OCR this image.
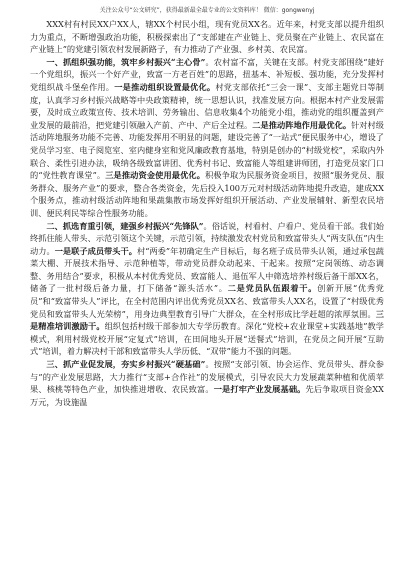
关注公众号“公文研究”，获得最新最全最专业的公文资料库！ 微信：gongwenyj

XXX村有村民XX户XX人，辖XX个村民小组，现有党员XX名。近年来，村党支部以提升组织力为重点，不断增强政治功能，积极探索出了“支部建在产业链上、党员聚在产业链上、农民富在产业链上”的党建引领农村发展新路子，有力推动了产业强、乡村美、农民富。

一、抓组织强功能，筑牢乡村振兴“主心骨”。农村富不富，关键在支部。村党支部围绕“建好一个党组织，振兴一个好产业，致富一方老百姓”的思路，扭基本、补短板、强功能，充分发挥村党组织战斗堡垒作用。一是推动组织设置最优化。村党支部依托“三会一课”、支部主题党日等制度，认真学习乡村振兴战略等中央政策精神，统一思想认识，找准发展方向。根据本村产业发展需要，及时成立政策宣传、技术培训、劳务输出、信息收集4个功能党小组，推动党的组织覆盖到产业发展的最前沿，把党建引领融入产前、产中、产后全过程。二是推动阵地作用最优化。针对村级活动阵地服务功能不完善、功能发挥用不明显的问题，建设完善了“一站式”便民服务中心，增设了党员学习室、电子阅览室、室内健身室和党风廉政教育基地，特别是创办的“村级党校”，采取内外联合、柔性引进办法，吸纳各级致富讲团、优秀村书记、致富能人等组建讲师团，打造党员家门口的“党性教育课堂”。三是推动资金使用最优化。积极争取为民服务资金项目，按照“服务党员、服务群众、服务产业”的要求，整合各类资金，先后投入100万元对村级活动阵地提升改造，建成XX个服务点，推动村级活动阵地和果蔬集散市场发挥好组织开展活动、产业发展辅射、新型农民培训、便民利民等综合性服务功能。

二、抓选育重引领，建强乡村振兴“先锋队”。俗话说，村看村、户看户、党员看干部。我们始终抓住能人带头、示范引领这个关键，示范引领，持续激发农村党员和致富带头人“两支队伍”内生动力。一是联子成员带头干。村“两委”年初确定生产目标后，每名班子成员带头认领，通过承包蔬菜大棚、开展技术指导、示范种植等，带动党员群众动起来、干起来。按照“定岗领练、动态调整、务用结合”要求，积极从本村优秀党员、致富能人、退伍军人中筛选培养村级后备干部XX名，储备了一批村级后备力量，打下储备“源头活水”。二是党员队伍跟着干。创新开展“优秀党员”和“致富带头人”评比，在全村范围内评出优秀党员XX名、致富带头人XX名，设置了“村级优秀党员和致富带头人光荣榜”，用身边典型教育引导广大群众，在全村形成比学赶超的浓厚氛围。三是精准培训激励干。组织包括村级干部参加大专学历教育。深化“党校+农业课堂+实践基地”教学模式，利用村级党校开展“定复式”培训，在田间地头开展“送餐式”培训，在党员之间开展“互助式”培训，着力解决村干部和致富带头人学历低、“双带”能力不强的问题。

三、抓产业促发展，夯实乡村振兴“硬基础”。按照“支部引领、协会运作、党员带头、群众参与”的产业发展思路，大力推行“支部+合作社”的发展模式，引导农民大力发展蔬菜种植和优质苹果、核桃等特色产业，加快推进增收、农民致富。一是打牢产业发展基础。先后争取项目资金XX万元，为设施温
